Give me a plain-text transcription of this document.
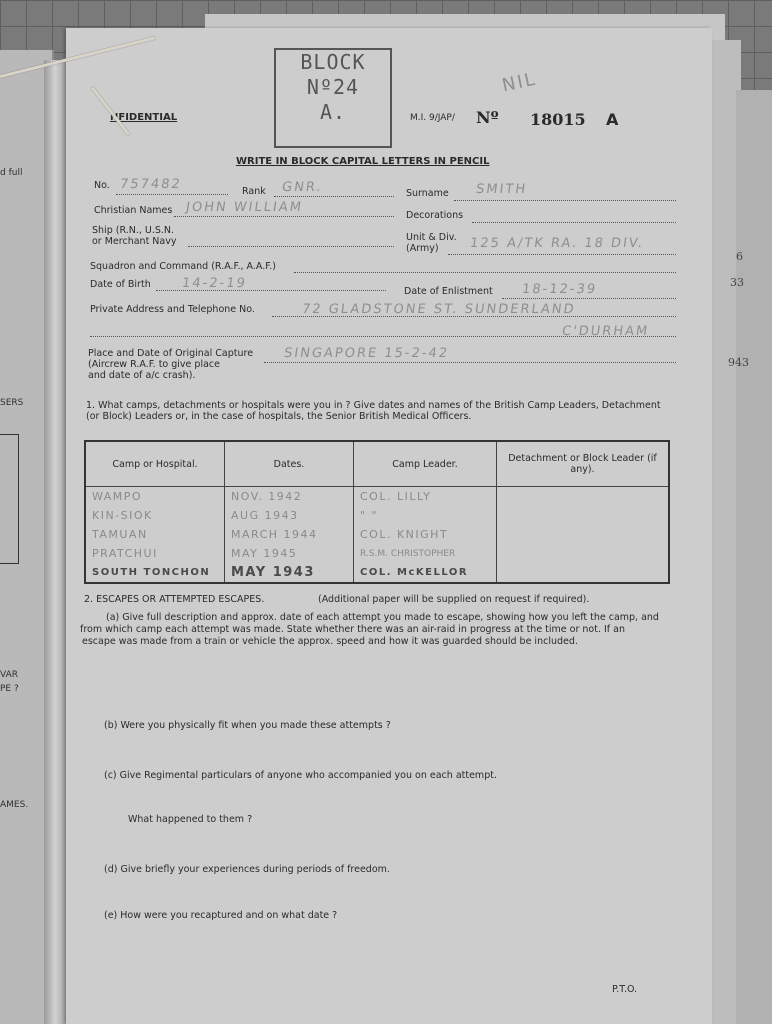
6
33
943
d full
SERS
VAR
PE ?
AMES.
BLOCK
Nº24
A.
NFIDENTIAL	M.I. 9/JAP/ Nº 18015 A
NIL
WRITE IN BLOCK CAPITAL LETTERS IN PENCIL
No. 757482	Rank GNR.	Surname SMITH
Christian Names JOHN WILLIAM
Decorations
Ship (R.N., U.S.N.
or Merchant Navy	Unit & Div.
(Army) 125 A/TK RA. 18 DIV.
Squadron and Command (R.A.F., A.A.F.)
Date of Birth 14-2-19
Date of Enlistment 18-12-39
Private Address and Telephone No.	72 GLADSTONE ST. SUNDERLAND
C'DURHAM
Place and Date of Original Capture
(Aircrew R.A.F. to give place
and date of a/c crash).
SINGAPORE 15-2-42
1. What camps, detachments or hospitals were you in ? Give dates and names of the British Camp Leaders, Detachment
(or Block) Leaders or, in the case of hospitals, the Senior British Medical Officers.
Camp or Hospital.	Dates.	Camp Leader.	Detachment or Block Leader (if any).
WAMPO	NOV. 1942	COL. LILLY	
KIN-SIOK	AUG 1943	" "	
TAMUAN	MARCH 1944	COL. KNIGHT	
PRATCHUI	MAY 1945	R.S.M. CHRISTOPHER	
SOUTH TONCHON	MAY 1943	COL. McKELLOR	
2. ESCAPES OR ATTEMPTED ESCAPES.	(Additional paper will be supplied on request if required).
(a) Give full description and approx. date of each attempt you made to escape, showing how you left the camp, and
from which camp each attempt was made. State whether there was an air-raid in progress at the time or not. If an
escape was made from a train or vehicle the approx. speed and how it was guarded should be included.
(b) Were you physically fit when you made these attempts ?
(c) Give Regimental particulars of anyone who accompanied you on each attempt.
What happened to them ?
(d) Give briefly your experiences during periods of freedom.
(e) How were you recaptured and on what date ?
P.T.O.
